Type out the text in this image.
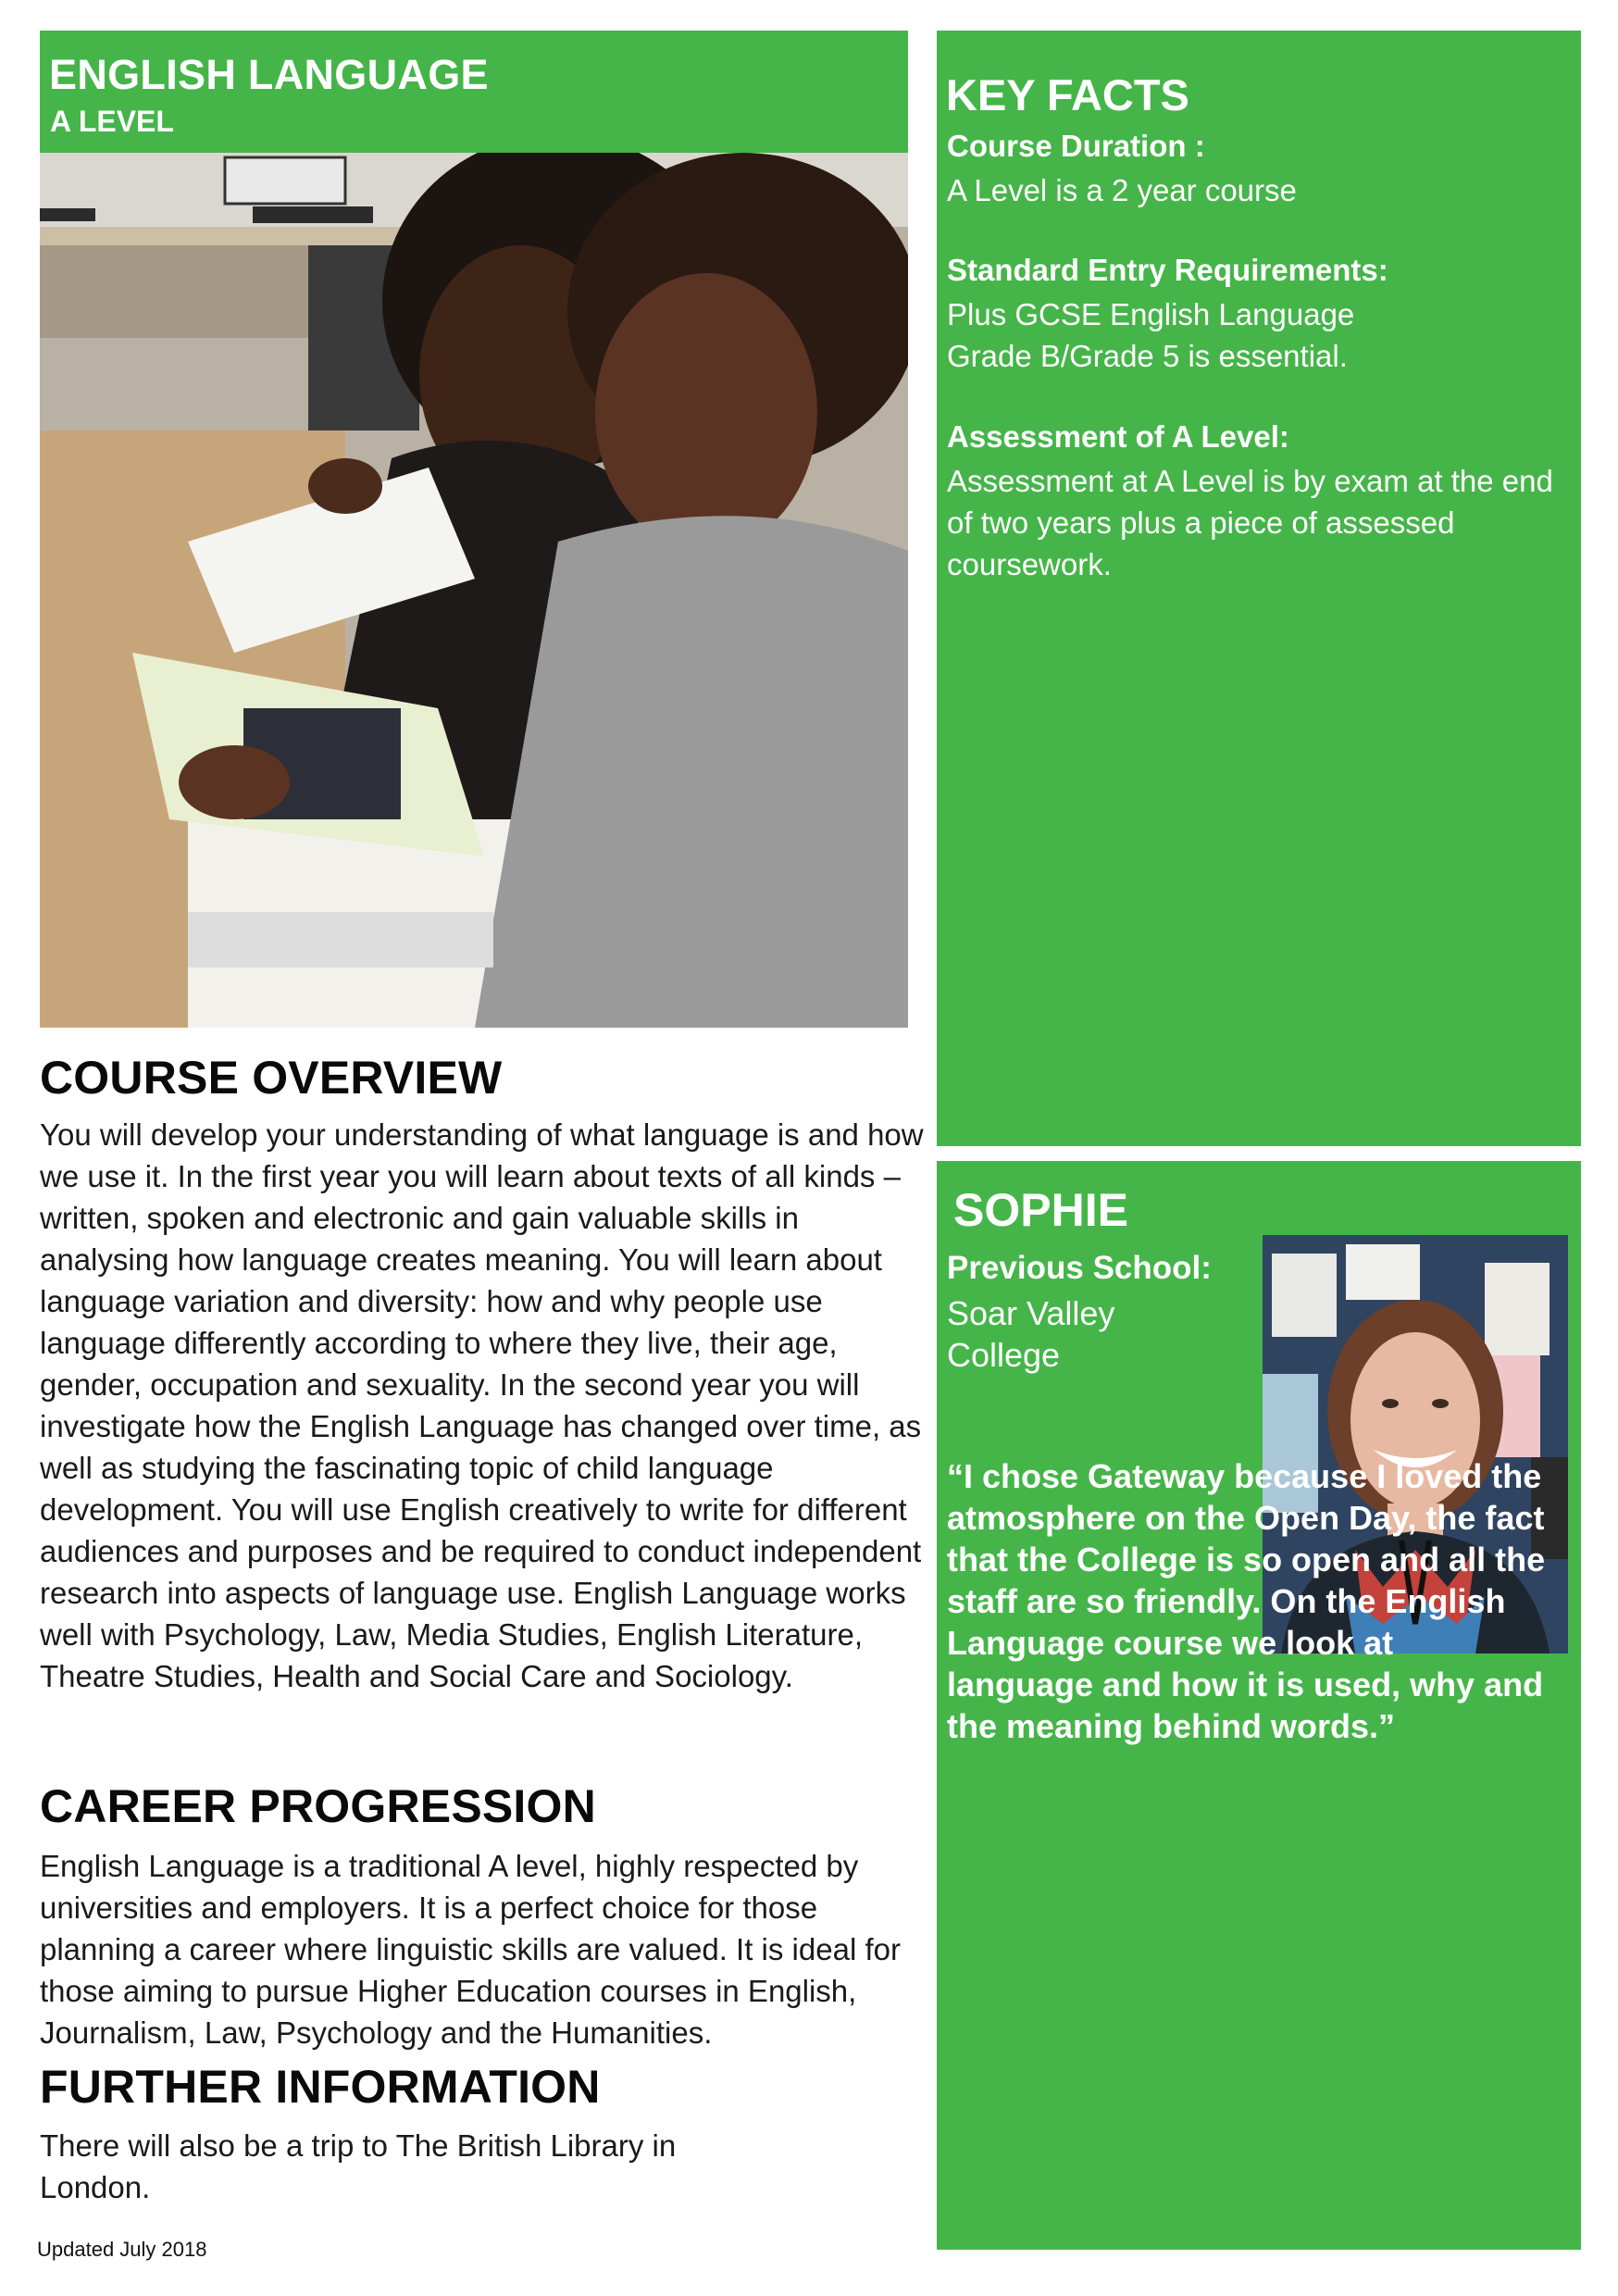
ENGLISH LANGUAGE
A LEVEL
COURSE OVERVIEW

You will develop your understanding of what language is and how we use it. In the first year you will learn about texts of all kinds – written, spoken and electronic and gain valuable skills in analysing how language creates meaning. You will learn about language variation and diversity: how and why people use language differently according to where they live, their age, gender, occupation and sexuality. In the second year you will investigate how the English Language has changed over time, as well as studying the fascinating topic of child language development. You will use English creatively to write for different audiences and purposes and be required to conduct independent research into aspects of language use. English Language works well with Psychology, Law, Media Studies, English Literature, Theatre Studies, Health and Social Care and Sociology.

CAREER PROGRESSION

English Language is a traditional A level, highly respected by universities and employers. It is a perfect choice for those planning a career where linguistic skills are valued. It is ideal for those aiming to pursue Higher Education courses in English, Journalism, Law, Psychology and the Humanities.

FURTHER INFORMATION

There will also be a trip to The British Library in London.

KEY FACTS
Course Duration :

A Level is a 2 year course

Standard Entry Requirements:

Plus GCSE English Language Grade B/Grade 5 is essential.

Assessment of A Level:

Assessment at A Level is by exam at the end of two years plus a piece of assessed coursework.

SOPHIE
Previous School:
Soar Valley College

“I chose Gateway because I loved the atmosphere on the Open Day, the fact that the College is so open and all the staff are so friendly. On the English Language course we look at language and how it is used, why and the meaning behind words.”

Updated July 2018
